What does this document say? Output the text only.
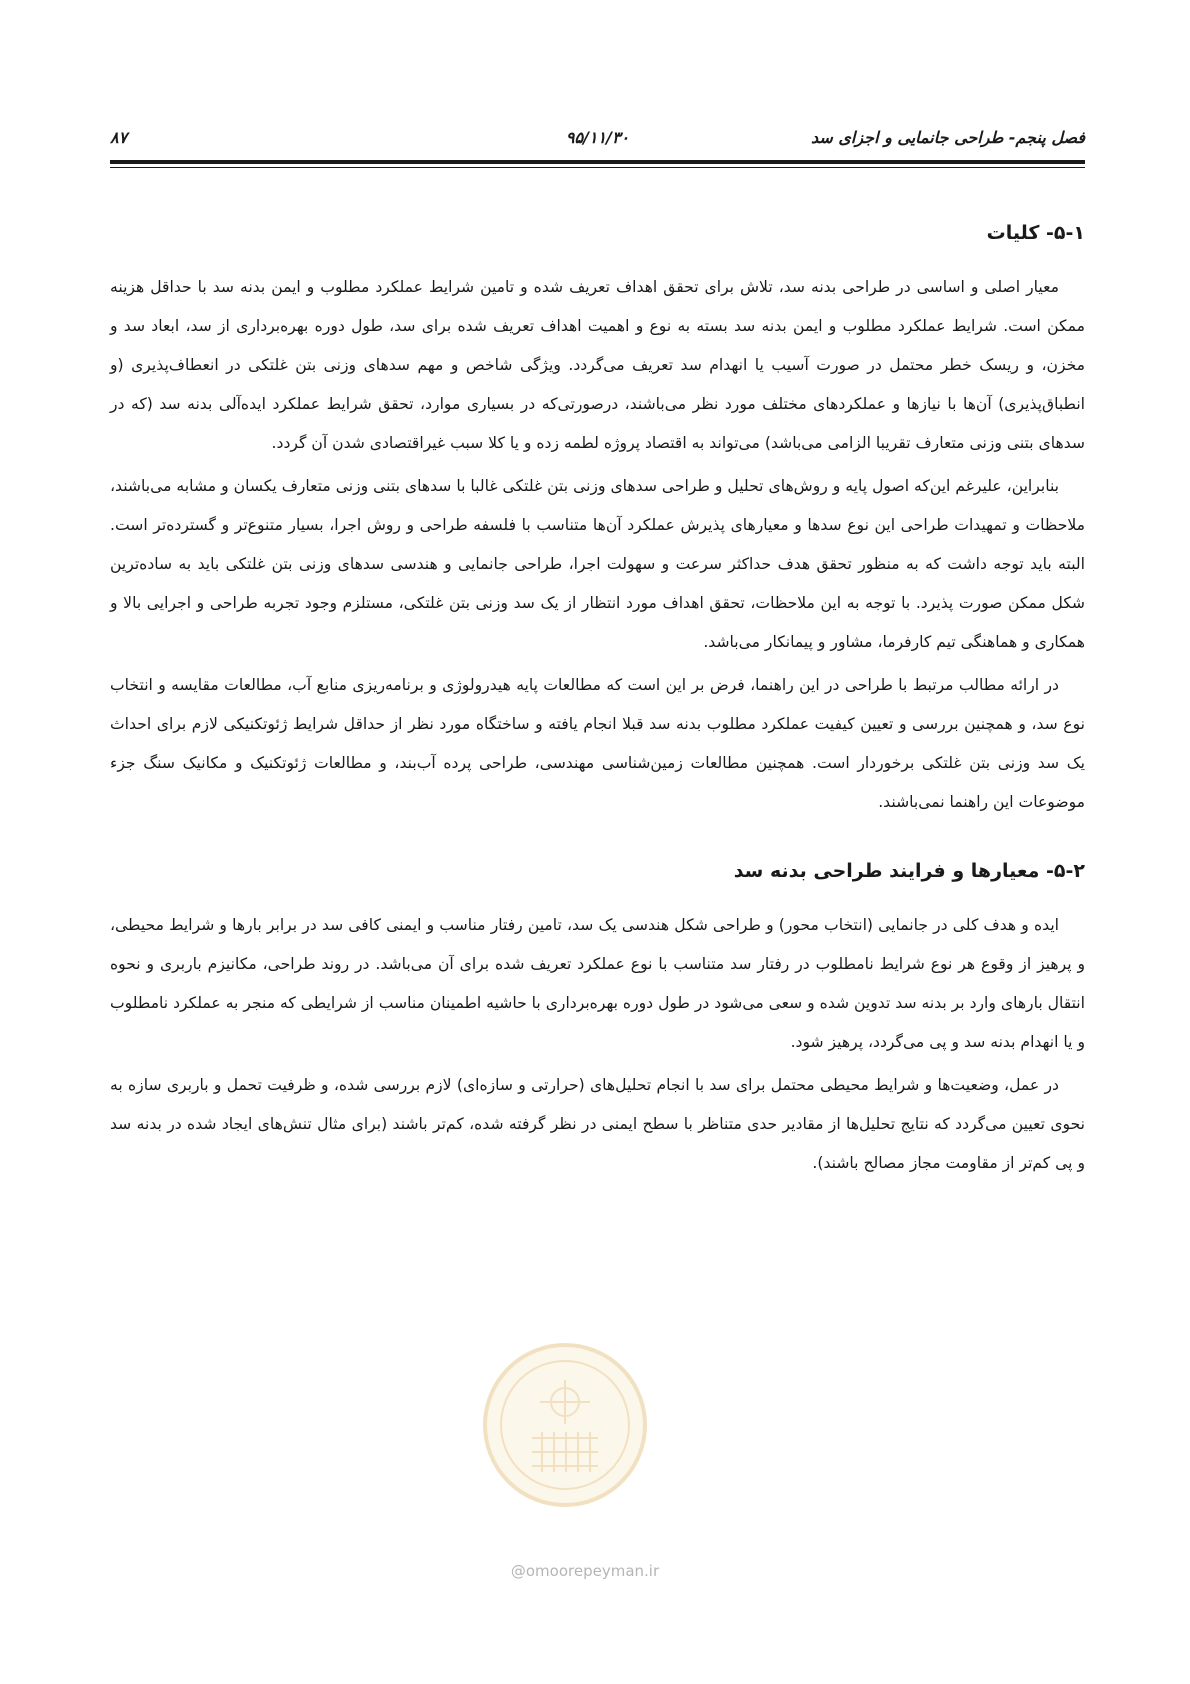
فصل پنجم- طراحی جانمایی و اجزای سد
۹۵/۱۱/۳۰
۸۷
۵-۱- کلیات

معیار اصلی و اساسی در طراحی بدنه سد، تلاش برای تحقق اهداف تعریف شده و تامین شرایط عملکرد مطلوب و ایمن بدنه سد با حداقل هزینه ممکن است. شرایط عملکرد مطلوب و ایمن بدنه سد بسته به نوع و اهمیت اهداف تعریف شده برای سد، طول دوره بهره‌برداری از سد، ابعاد سد و مخزن، و ریسک خطر محتمل در صورت آسیب یا انهدام سد تعریف می‌گردد. ویژگی شاخص و مهم سدهای وزنی بتن غلتکی در انعطاف‌پذیری (و انطباق‌پذیری) آن‌ها با نیازها و عملکردهای مختلف مورد نظر می‌باشند، درصورتی‌که در بسیاری موارد، تحقق شرایط عملکرد ایده‌آلی بدنه سد (که در سدهای بتنی وزنی متعارف تقریبا الزامی می‌باشد) می‌تواند به اقتصاد پروژه لطمه زده و یا کلا سبب غیراقتصادی شدن آن گردد.

بنابراین، علیرغم این‌که اصول پایه و روش‌های تحلیل و طراحی سدهای وزنی بتن غلتکی غالبا با سدهای بتنی وزنی متعارف یکسان و مشابه می‌باشند، ملاحظات و تمهیدات طراحی این نوع سدها و معیارهای پذیرش عملکرد آن‌ها متناسب با فلسفه طراحی و روش اجرا، بسیار متنوع‌تر و گسترده‌تر است. البته باید توجه داشت که به منظور تحقق هدف حداکثر سرعت و سهولت اجرا، طراحی جانمایی و هندسی سدهای وزنی بتن غلتکی باید به ساده‌ترین شکل ممکن صورت پذیرد. با توجه به این ملاحظات، تحقق اهداف مورد انتظار از یک سد وزنی بتن غلتکی، مستلزم وجود تجربه طراحی و اجرایی بالا و همکاری و هماهنگی تیم کارفرما، مشاور و پیمانکار می‌باشد.

در ارائه مطالب مرتبط با طراحی در این راهنما، فرض بر این است که مطالعات پایه هیدرولوژی و برنامه‌ریزی منابع آب، مطالعات مقایسه و انتخاب نوع سد، و همچنین بررسی و تعیین کیفیت عملکرد مطلوب بدنه سد قبلا انجام یافته و ساختگاه مورد نظر از حداقل شرایط ژئوتکنیکی لازم برای احداث یک سد وزنی بتن غلتکی برخوردار است. همچنین مطالعات زمین‌شناسی مهندسی، طراحی پرده آب‌بند، و مطالعات ژئوتکنیک و مکانیک سنگ جزء موضوعات این راهنما نمی‌باشند.

۵-۲- معیارها و فرایند طراحی بدنه سد

ایده و هدف کلی در جانمایی (انتخاب محور) و طراحی شکل هندسی یک سد، تامین رفتار مناسب و ایمنی کافی سد در برابر بارها و شرایط محیطی، و پرهیز از وقوع هر نوع شرایط نامطلوب در رفتار سد متناسب با نوع عملکرد تعریف شده برای آن می‌باشد. در روند طراحی، مکانیزم باربری و نحوه انتقال بارهای وارد بر بدنه سد تدوین شده و سعی می‌شود در طول دوره بهره‌برداری با حاشیه اطمینان مناسب از شرایطی که منجر به عملکرد نامطلوب و یا انهدام بدنه سد و پی می‌گردد، پرهیز شود.

در عمل، وضعیت‌ها و شرایط محیطی محتمل برای سد با انجام تحلیل‌های (حرارتی و سازه‌ای) لازم بررسی شده، و ظرفیت تحمل و باربری سازه به نحوی تعیین می‌گردد که نتایج تحلیل‌ها از مقادیر حدی متناظر با سطح ایمنی در نظر گرفته شده، کم‌تر باشند (برای مثال تنش‌های ایجاد شده در بدنه سد و پی کم‌تر از مقاومت مجاز مصالح باشند).

@omoorepeyman.ir
